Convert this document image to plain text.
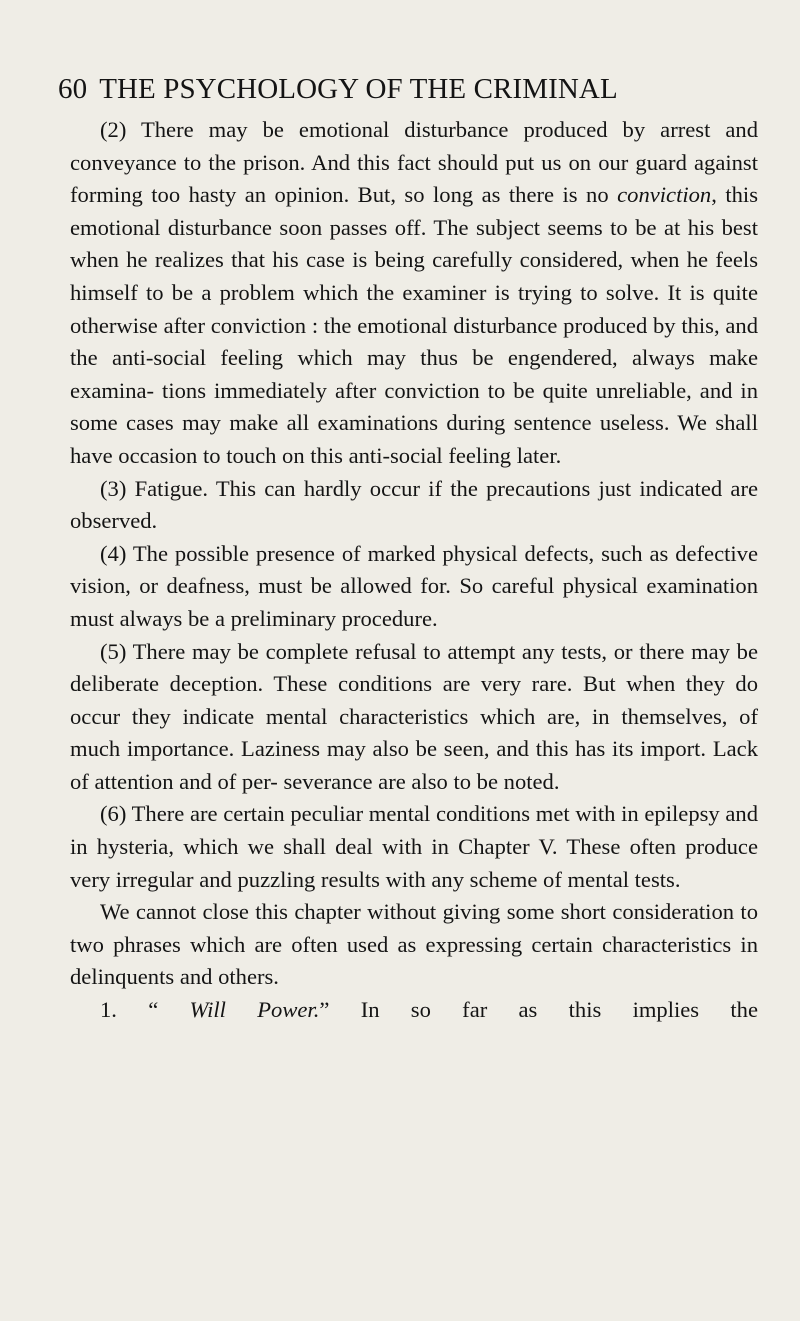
60 THE PSYCHOLOGY OF THE CRIMINAL

(2) There may be emotional disturbance produced by arrest and conveyance to the prison. And this fact should put us on our guard against forming too hasty an opinion. But, so long as there is no conviction, this emotional disturbance soon passes off. The subject seems to be at his best when he realizes that his case is being carefully considered, when he feels himself to be a problem which the examiner is trying to solve. It is quite otherwise after conviction : the emotional disturbance produced by this, and the anti-social feeling which may thus be engendered, always make examina- tions immediately after conviction to be quite unreliable, and in some cases may make all examinations during sentence useless. We shall have occasion to touch on this anti-social feeling later.

(3) Fatigue. This can hardly occur if the precautions just indicated are observed.

(4) The possible presence of marked physical defects, such as defective vision, or deafness, must be allowed for. So careful physical examination must always be a preliminary procedure.

(5) There may be complete refusal to attempt any tests, or there may be deliberate deception. These conditions are very rare. But when they do occur they indicate mental characteristics which are, in themselves, of much importance. Laziness may also be seen, and this has its import. Lack of attention and of per- severance are also to be noted.

(6) There are certain peculiar mental conditions met with in epilepsy and in hysteria, which we shall deal with in Chapter V. These often produce very irregular and puzzling results with any scheme of mental tests.

We cannot close this chapter without giving some short consideration to two phrases which are often used as expressing certain characteristics in delinquents and others.

1. “ Will Power.” In so far as this implies the
